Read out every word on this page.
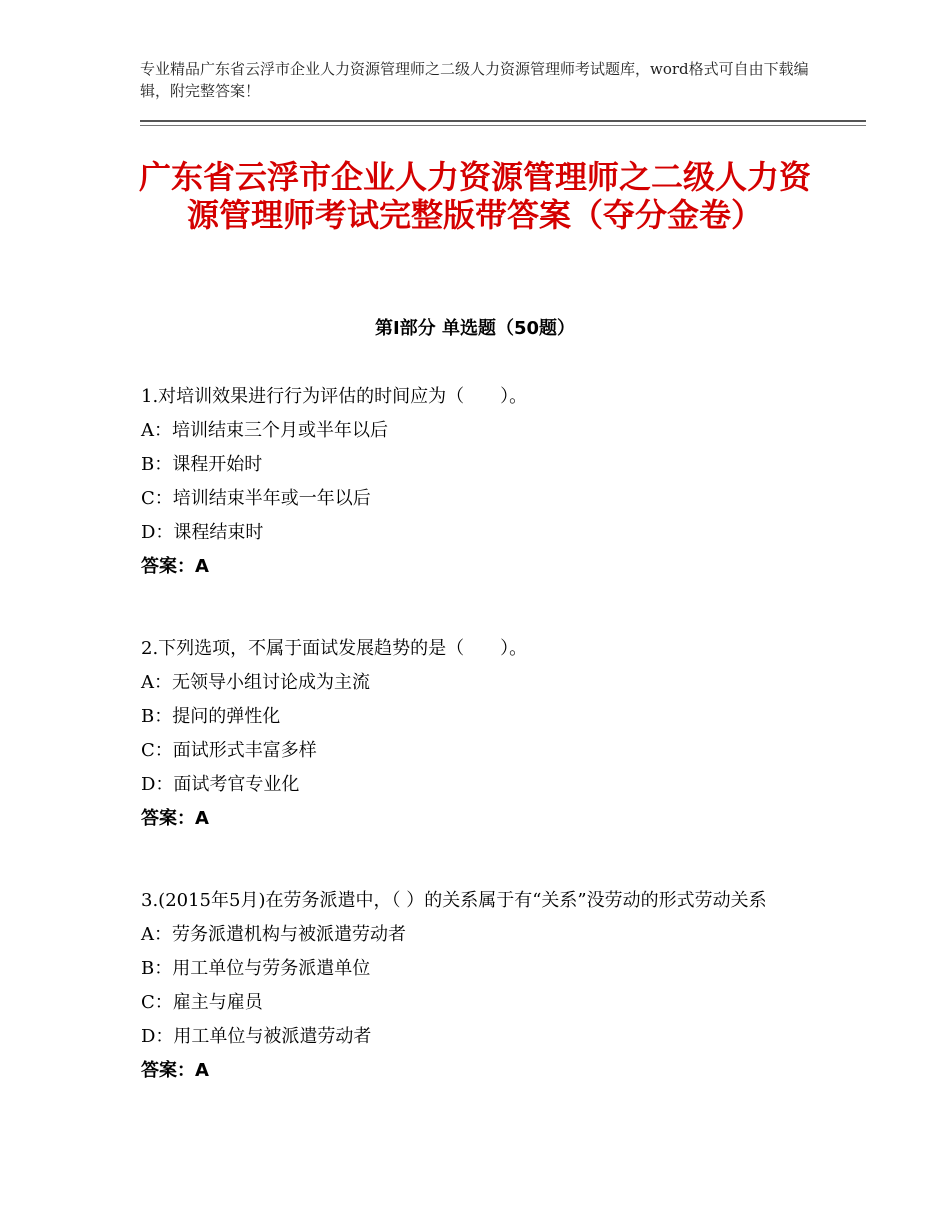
专业精品广东省云浮市企业人力资源管理师之二级人力资源管理师考试题库，word格式可自由下载编辑，附完整答案！
广东省云浮市企业人力资源管理师之二级人力资源管理师考试完整版带答案（夺分金卷）
第Ⅰ部分 单选题（50题）

1.对培训效果进行行为评估的时间应为（　　）。

A：培训结束三个月或半年以后

B：课程开始时

C：培训结束半年或一年以后

D：课程结束时

答案：A

2.下列选项，不属于面试发展趋势的是（　　）。

A：无领导小组讨论成为主流

B：提问的弹性化

C：面试形式丰富多样

D：面试考官专业化

答案：A

3.(2015年5月)在劳务派遣中，（ ）的关系属于有“关系”没劳动的形式劳动关系

A：劳务派遣机构与被派遣劳动者

B：用工单位与劳务派遣单位

C：雇主与雇员

D：用工单位与被派遣劳动者

答案：A
